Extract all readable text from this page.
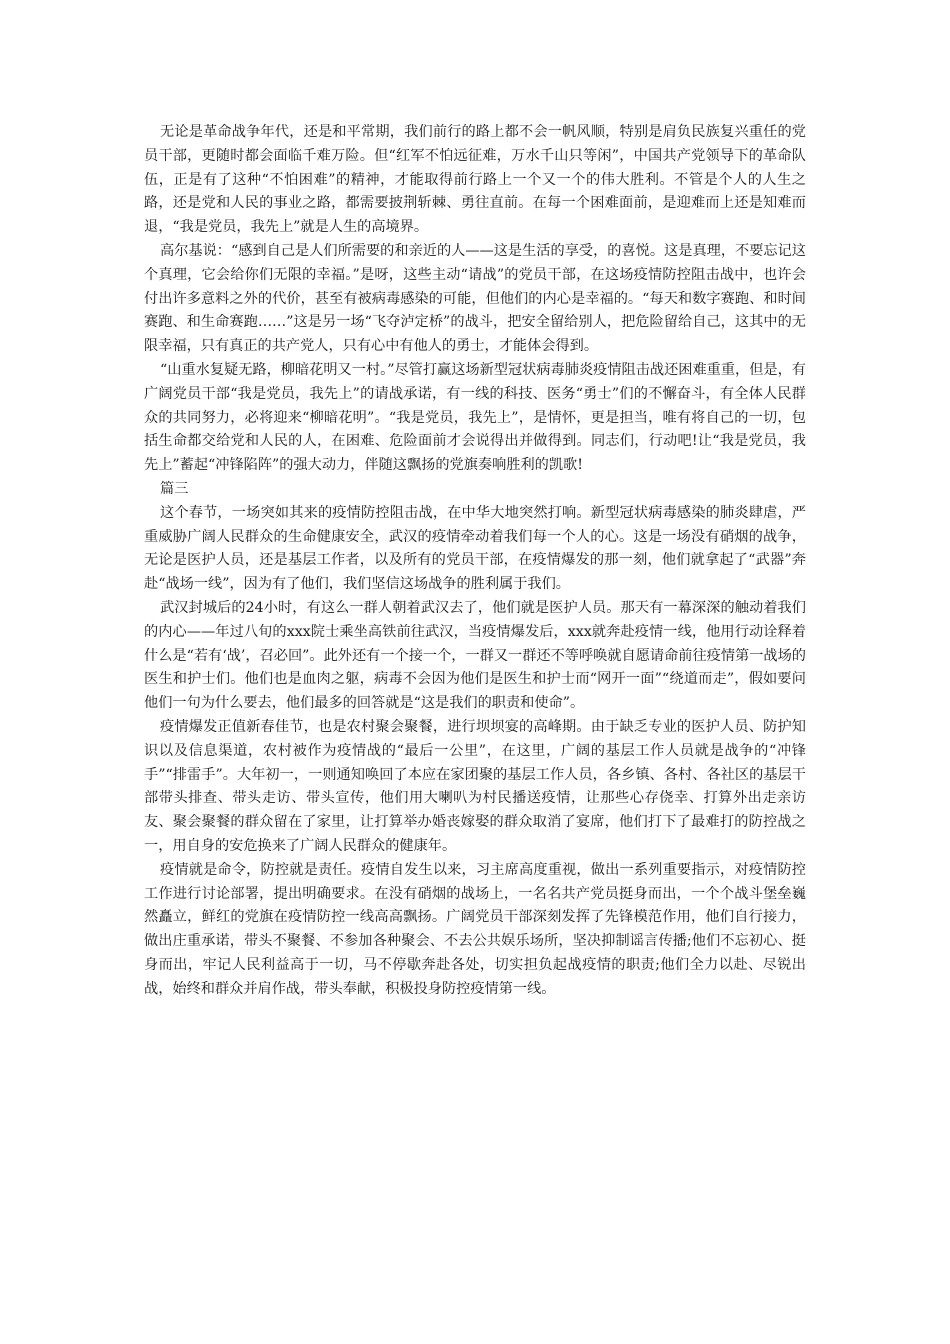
无论是革命战争年代，还是和平常期，我们前行的路上都不会一帆风顺，特别是肩负民族复兴重任的党员干部，更随时都会面临千难万险。但“红军不怕远征难，万水千山只等闲”，中国共产党领导下的革命队伍，正是有了这种“不怕困难”的精神，才能取得前行路上一个又一个的伟大胜利。不管是个人的人生之路，还是党和人民的事业之路，都需要披荆斩棘、勇往直前。在每一个困难面前，是迎难而上还是知难而退，“我是党员，我先上”就是人生的高境界。

高尔基说：“感到自己是人们所需要的和亲近的人——这是生活的享受，的喜悦。这是真理，不要忘记这个真理，它会给你们无限的幸福。”是呀，这些主动“请战”的党员干部，在这场疫情防控阻击战中，也许会付出许多意料之外的代价，甚至有被病毒感染的可能，但他们的内心是幸福的。“每天和数字赛跑、和时间赛跑、和生命赛跑……”这是另一场“飞夺泸定桥”的战斗，把安全留给别人，把危险留给自己，这其中的无限幸福，只有真正的共产党人，只有心中有他人的勇士，才能体会得到。

“山重水复疑无路，柳暗花明又一村。”尽管打赢这场新型冠状病毒肺炎疫情阻击战还困难重重，但是，有广阔党员干部“我是党员，我先上”的请战承诺，有一线的科技、医务“勇士”们的不懈奋斗，有全体人民群众的共同努力，必将迎来“柳暗花明”。“我是党员，我先上”，是情怀，更是担当，唯有将自己的一切，包括生命都交给党和人民的人，在困难、危险面前才会说得出并做得到。同志们，行动吧!让“我是党员，我先上”蓄起“冲锋陷阵”的强大动力，伴随这飘扬的党旗奏响胜利的凯歌!

篇三

这个春节，一场突如其来的疫情防控阻击战，在中华大地突然打响。新型冠状病毒感染的肺炎肆虐，严重威胁广阔人民群众的生命健康安全，武汉的疫情牵动着我们每一个人的心。这是一场没有硝烟的战争，无论是医护人员，还是基层工作者，以及所有的党员干部，在疫情爆发的那一刻，他们就拿起了“武器”奔赴“战场一线”，因为有了他们，我们坚信这场战争的胜利属于我们。

武汉封城后的24小时，有这么一群人朝着武汉去了，他们就是医护人员。那天有一幕深深的触动着我们的内心——年过八旬的xxx院士乘坐高铁前往武汉，当疫情爆发后，xxx就奔赴疫情一线，他用行动诠释着什么是“若有‘战’，召必回”。此外还有一个接一个，一群又一群还不等呼唤就自愿请命前往疫情第一战场的医生和护士们。他们也是血肉之躯，病毒不会因为他们是医生和护士而“网开一面”“绕道而走”，假如要问他们一句为什么要去，他们最多的回答就是“这是我们的职责和使命”。

疫情爆发正值新春佳节，也是农村聚会聚餐，进行坝坝宴的高峰期。由于缺乏专业的医护人员、防护知识以及信息渠道，农村被作为疫情战的“最后一公里”，在这里，广阔的基层工作人员就是战争的“冲锋手”“排雷手”。大年初一，一则通知唤回了本应在家团聚的基层工作人员，各乡镇、各村、各社区的基层干部带头排查、带头走访、带头宣传，他们用大喇叭为村民播送疫情，让那些心存侥幸、打算外出走亲访友、聚会聚餐的群众留在了家里，让打算举办婚丧嫁娶的群众取消了宴席，他们打下了最难打的防控战之一，用自身的安危换来了广阔人民群众的健康年。

疫情就是命令，防控就是责任。疫情自发生以来，习主席高度重视，做出一系列重要指示，对疫情防控工作进行讨论部署，提出明确要求。在没有硝烟的战场上，一名名共产党员挺身而出，一个个战斗堡垒巍然矗立，鲜红的党旗在疫情防控一线高高飘扬。广阔党员干部深刻发挥了先锋模范作用，他们自行接力，做出庄重承诺，带头不聚餐、不参加各种聚会、不去公共娱乐场所，坚决抑制谣言传播;他们不忘初心、挺身而出，牢记人民利益高于一切，马不停歇奔赴各处，切实担负起战疫情的职责;他们全力以赴、尽锐出战，始终和群众并肩作战，带头奉献，积极投身防控疫情第一线。
